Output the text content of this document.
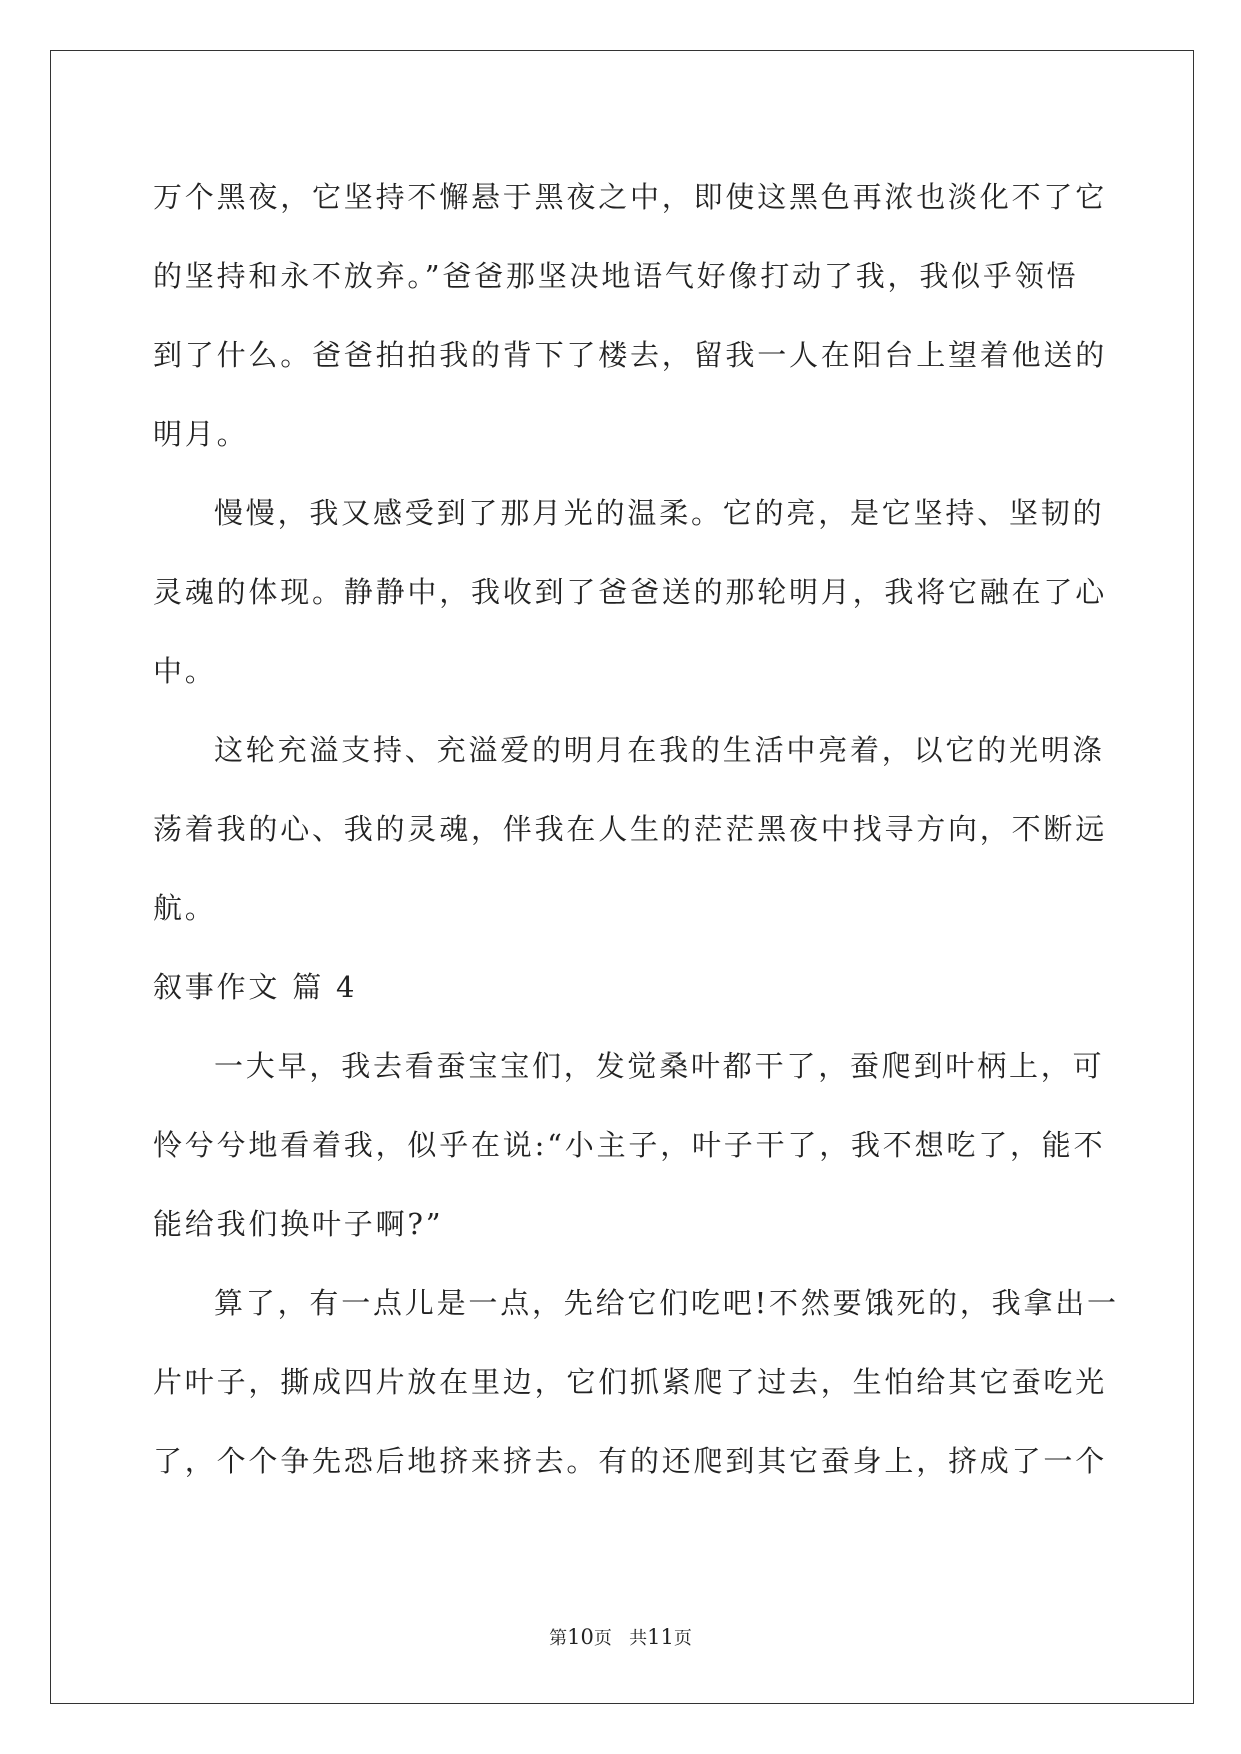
万个黑夜，它坚持不懈悬于黑夜之中，即使这黑色再浓也淡化不了它
的坚持和永不放弃。”爸爸那坚决地语气好像打动了我，我似乎领悟
到了什么。爸爸拍拍我的背下了楼去，留我一人在阳台上望着他送的
明月。
慢慢，我又感受到了那月光的温柔。它的亮，是它坚持、坚韧的
灵魂的体现。静静中，我收到了爸爸送的那轮明月，我将它融在了心
中。
这轮充溢支持、充溢爱的明月在我的生活中亮着，以它的光明涤
荡着我的心、我的灵魂，伴我在人生的茫茫黑夜中找寻方向，不断远
航。
叙事作文 篇 4
一大早，我去看蚕宝宝们，发觉桑叶都干了，蚕爬到叶柄上，可
怜兮兮地看着我，似乎在说:“小主子，叶子干了，我不想吃了，能不
能给我们换叶子啊?”
算了，有一点儿是一点，先给它们吃吧!不然要饿死的，我拿出一
片叶子，撕成四片放在里边，它们抓紧爬了过去，生怕给其它蚕吃光
了，个个争先恐后地挤来挤去。有的还爬到其它蚕身上，挤成了一个
第10页 共11页
